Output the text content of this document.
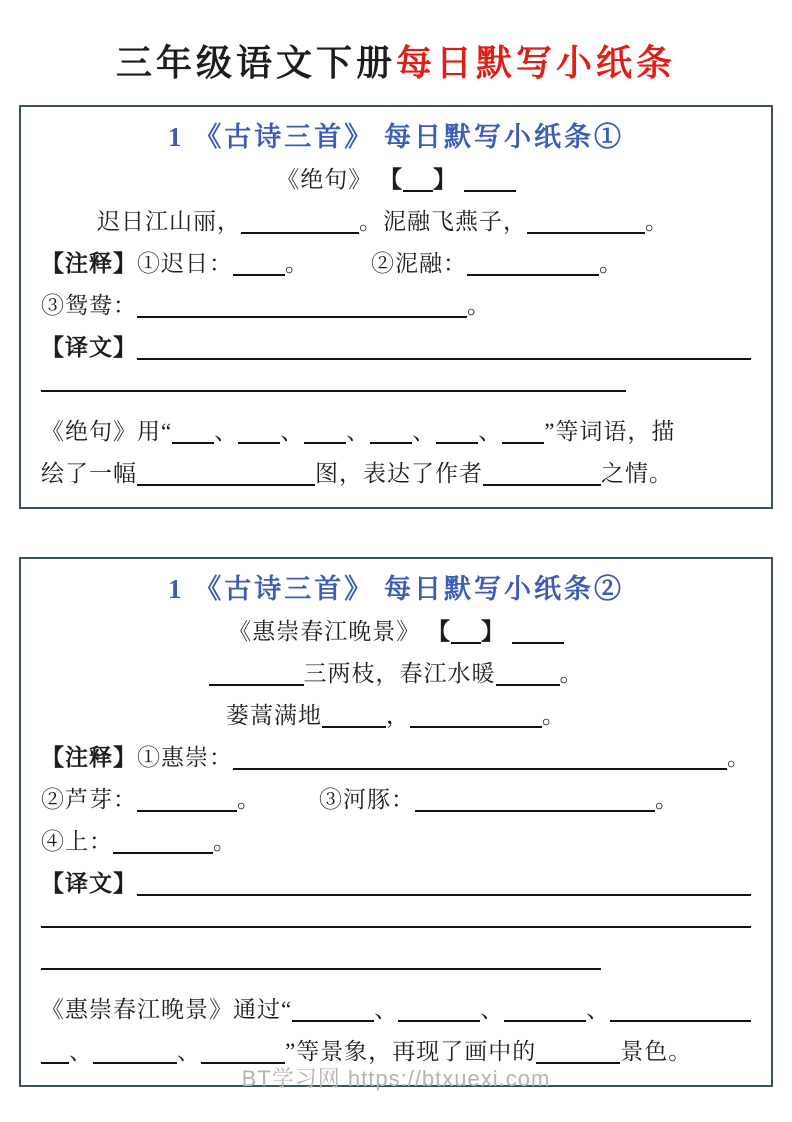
三年级语文下册每日默写小纸条
1 《古诗三首》 每日默写小纸条①
《绝句》 【 】

迟日江山丽，	。泥融飞燕子，	。
【注释】 ①迟日： 。	②泥融：	。
③鸳鸯：	。
【译文】
《绝句》用“ 、 、 、 、 、 ”等词语，描
绘了一幅	图，表达了作者	之情。
1 《古诗三首》 每日默写小纸条②
《惠崇春江晚景》 【 】

三两枝，春江水暖	。
蒌蒿满地	，	。
【注释】 ①惠崇：	。
②芦芽：	。	③河豚：	。
④上：	。
【译文】
《惠崇春江晚景》通过“	、	、	、
、	、	”等景象，再现了画中的	景色。
BT学习网 https://btxuexi.com
